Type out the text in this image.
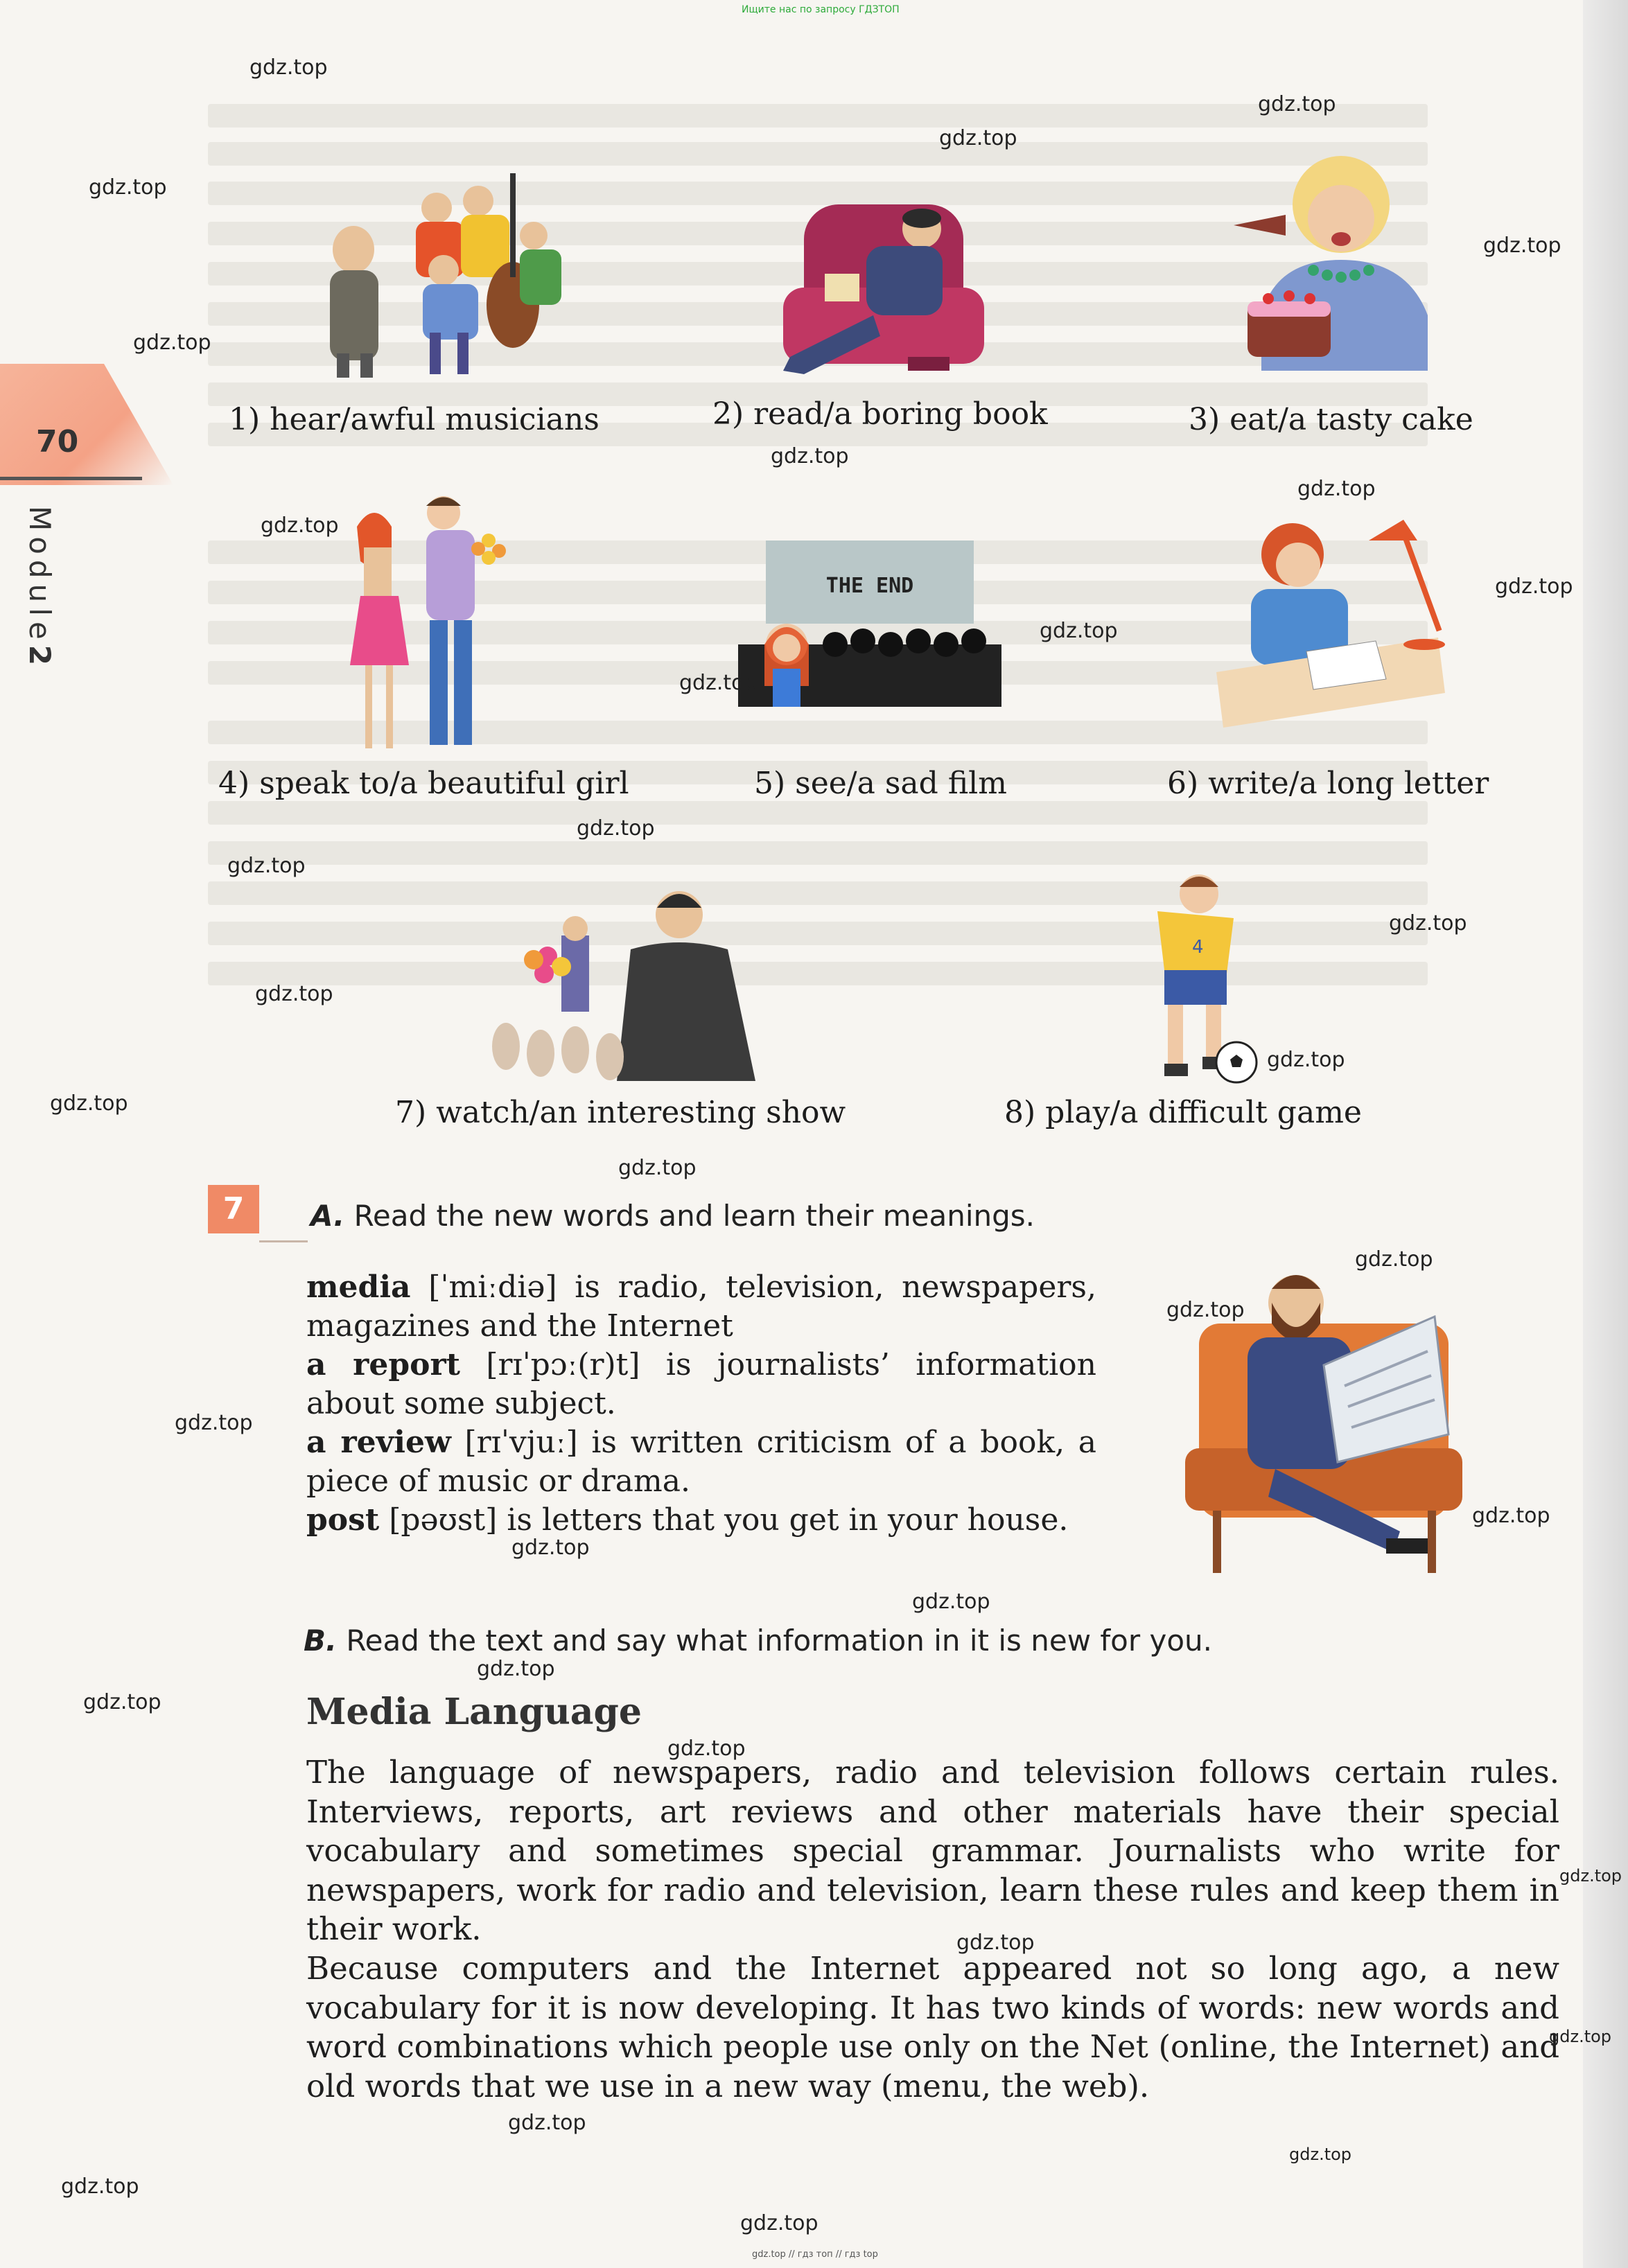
Ищите нас по запросу ГДЗТОП
70
Module2
1) hear/awful musicians	2) read/a boring book	3) eat/a tasty cake
4) speak to/a beautiful girl
THE END
5) see/a sad film	6) write/a long letter
7) watch/an interesting show
4
8) play/a difficult game
7	A. Read the new words and learn their meanings.

media [ˈmiːdiə] is radio, television, newspapers, magazines and the Internet

a report [rɪˈpɔː(r)t] is journalists’ information about some subject.

a review [rɪˈvjuː] is written criticism of a book, a piece of music or drama.

post [pəʊst] is letters that you get in your house.

B. Read the text and say what information in it is new for you.
Media Language

The language of newspapers, radio and television follows certain rules. Interviews, reports, art reviews and other materials have their special vocabulary and sometimes special grammar. Journalists who write for newspapers, work for radio and television, learn these rules and keep them in their work.

Because computers and the Internet appeared not so long ago, a new vocabulary for it is now developing. It has two kinds of words: new words and word combinations which people use only on the Net (online, the Internet) and old words that we use in a new way (menu, the web).

gdz.top
gdz.top
gdz.top
gdz.top
gdz.top
gdz.top
gdz.top
gdz.top
gdz.top
gdz.top
gdz.top
gdz.top
gdz.top
gdz.top
gdz.top
gdz.top
gdz.top
gdz.top
gdz.top
gdz.top
gdz.top
gdz.top
gdz.top
gdz.top
gdz.top
gdz.top
gdz.top
gdz.top
gdz.top
gdz.top
gdz.top
gdz.top
gdz.top
gdz.top
gdz.top
gdz.top // гдз топ // гдз top
